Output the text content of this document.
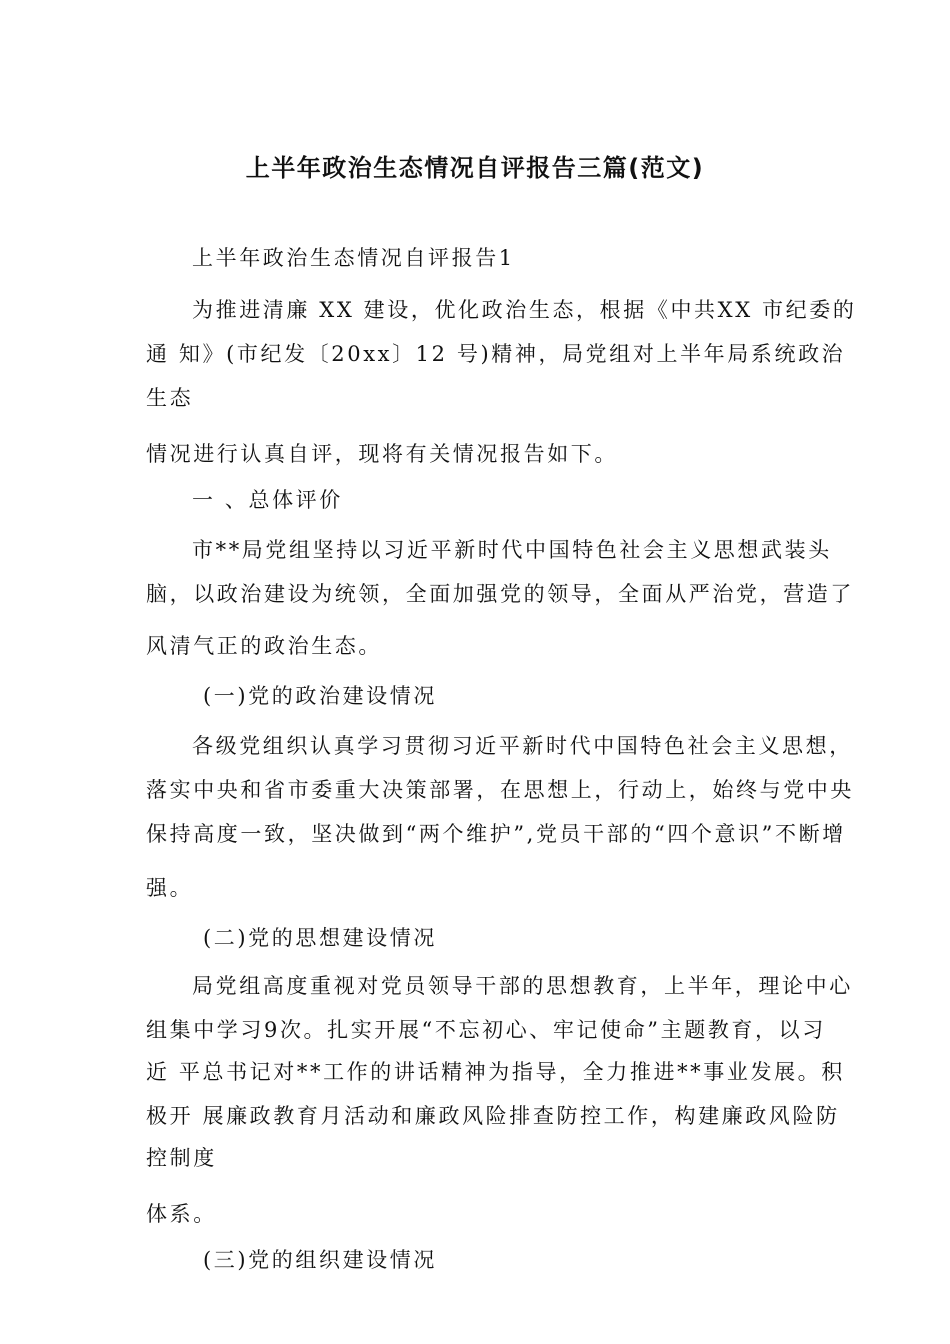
上半年政治生态情况自评报告三篇(范文)
上半年政治生态情况自评报告1
为推进清廉 XX 建设，优化政治生态，根据《中共XX 市纪委的
通 知》(市纪发〔20xx〕12 号)精神，局党组对上半年局系统政治
生态
情况进行认真自评，现将有关情况报告如下。
一 、总体评价
市**局党组坚持以习近平新时代中国特色社会主义思想武装头
脑，以政治建设为统领，全面加强党的领导，全面从严治党，营造了
风清气正的政治生态。
(一)党的政治建设情况
各级党组织认真学习贯彻习近平新时代中国特色社会主义思想，
落实中央和省市委重大决策部署，在思想上，行动上，始终与党中央
保持高度一致，坚决做到“两个维护”,党员干部的“四个意识”不断增
强。
(二)党的思想建设情况
局党组高度重视对党员领导干部的思想教育，上半年，理论中心
组集中学习9次。扎实开展“不忘初心、牢记使命”主题教育，以习
近 平总书记对**工作的讲话精神为指导，全力推进**事业发展。积
极开 展廉政教育月活动和廉政风险排查防控工作，构建廉政风险防
控制度
体系。
(三)党的组织建设情况
